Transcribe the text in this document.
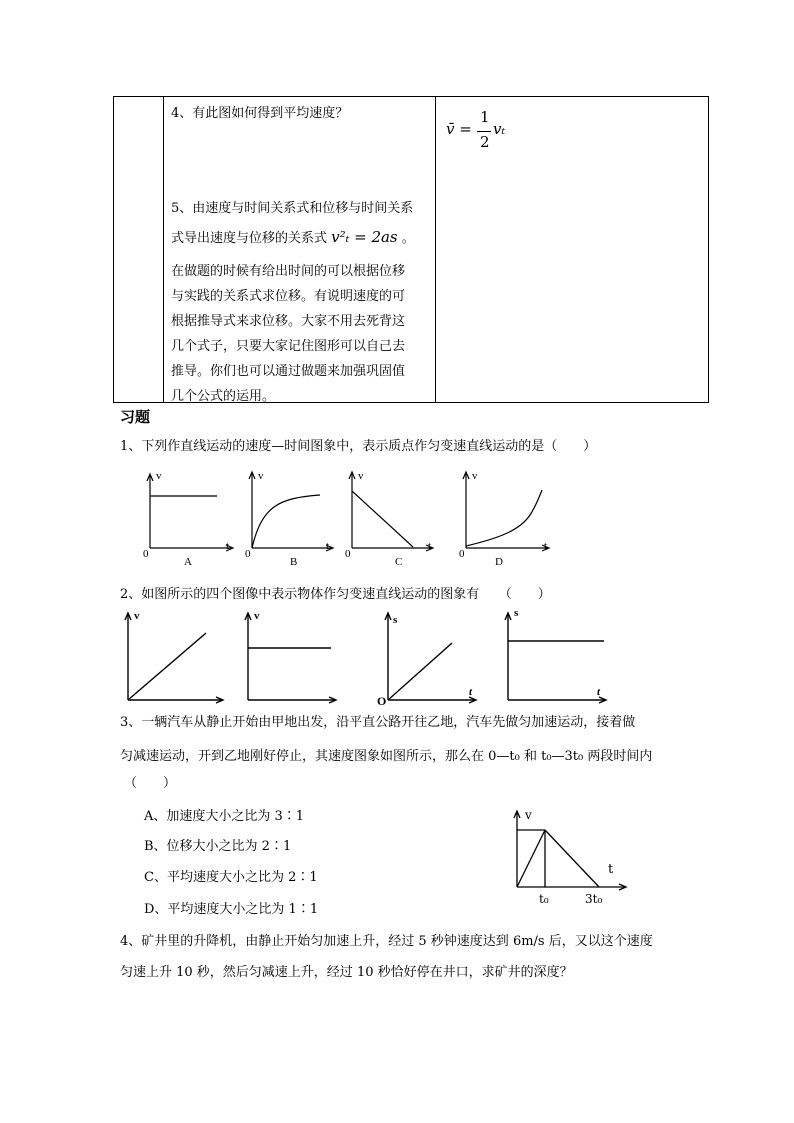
4、有此图如何得到平均速度？
5、由速度与时间关系式和位移与时间关系
式导出速度与位移的关系式 v²ₜ = 2as 。
在做题的时候有给出时间的可以根据位移
与实践的关系式求位移。有说明速度的可
根据推导式来求位移。大家不用去死背这
几个式子，只要大家记住图形可以自己去
推导。你们也可以通过做题来加强巩固值
几个公式的运用。
v̄ =
1
2
vₜ
习题
1、下列作直线运动的速度—时间图象中，表示质点作匀变速直线运动的是（　　）
v
0
t
A
v
0
t
B
v
0
t
C
v
0
t
D
2、如图所示的四个图像中表示物体作匀变速直线运动的图象有　　（　　）
v	v	s
O
t
s
t
3、一辆汽车从静止开始由甲地出发，沿平直公路开往乙地，汽车先做匀加速运动，接着做
匀减速运动，开到乙地刚好停止，其速度图象如图所示，那么在 0—t₀ 和 t₀—3t₀ 两段时间内
（　　）
A、加速度大小之比为 3∶1
B、位移大小之比为 2∶1
C、平均速度大小之比为 2∶1
D、平均速度大小之比为 1∶1
v
t
t₀	3t₀
4、矿井里的升降机，由静止开始匀加速上升，经过 5 秒钟速度达到 6m/s 后，又以这个速度
匀速上升 10 秒，然后匀减速上升，经过 10 秒恰好停在井口，求矿井的深度？
